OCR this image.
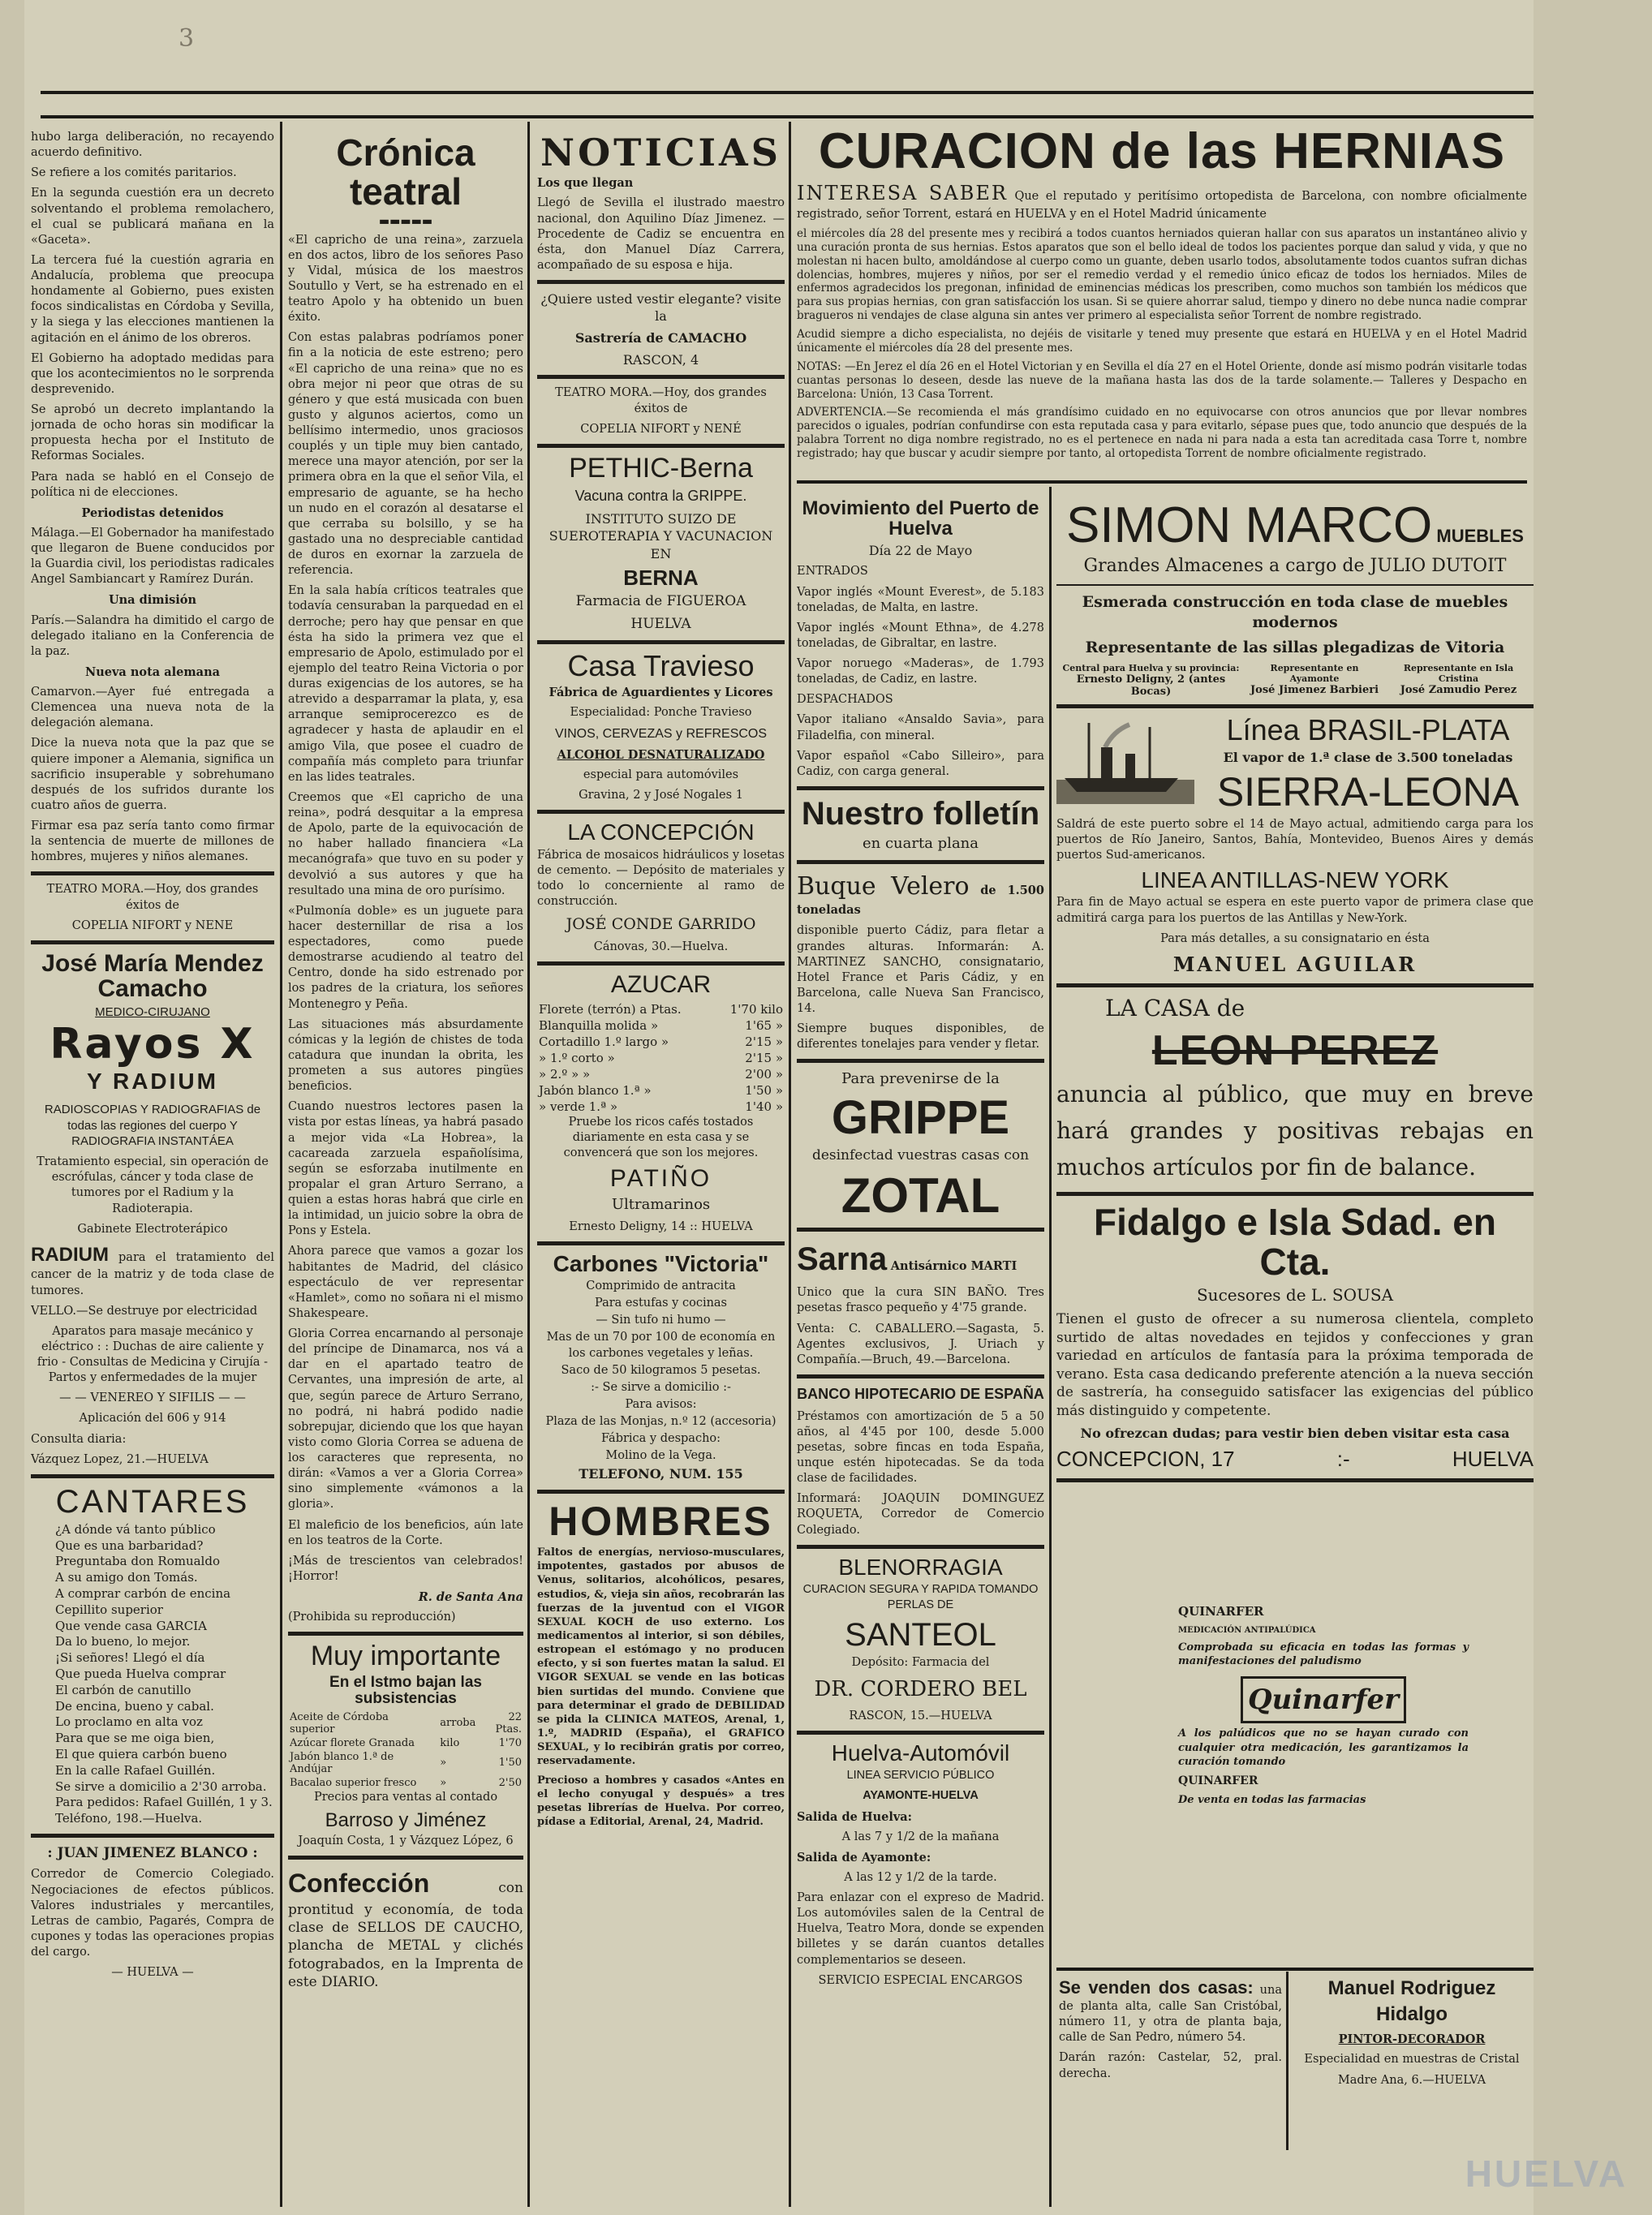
3

hubo larga deliberación, no recayendo acuerdo definitivo.

Se refiere a los comités paritarios.

En la segunda cuestión era un decreto solventando el problema remolachero, el cual se publicará mañana en la «Gaceta».

La tercera fué la cuestión agraria en Andalucía, problema que preocupa hondamente al Gobierno, pues existen focos sindicalistas en Córdoba y Sevilla, y la siega y las elecciones mantienen la agitación en el ánimo de los obreros.

El Gobierno ha adoptado medidas para que los acontecimientos no le sorprenda desprevenido.

Se aprobó un decreto implantando la jornada de ocho horas sin modificar la propuesta hecha por el Instituto de Reformas Sociales.

Para nada se habló en el Consejo de política ni de elecciones.

Periodistas detenidos

Málaga.—El Gobernador ha manifestado que llegaron de Buene conducidos por la Guardia civil, los periodistas radicales Angel Sambiancart y Ramírez Durán.

Una dimisión

París.—Salandra ha dimitido el cargo de delegado italiano en la Conferencia de la paz.

Nueva nota alemana

Camarvon.—Ayer fué entregada a Clemencea una nueva nota de la delegación alemana.

Dice la nueva nota que la paz que se quiere imponer a Alemania, significa un sacrificio insuperable y sobrehumano después de los sufridos durante los cuatro años de guerra.

Firmar esa paz sería tanto como firmar la sentencia de muerte de millones de hombres, mujeres y niños alemanes.

TEATRO MORA.—Hoy, dos grandes éxitos de

COPELIA NIFORT y NENE

José María Mendez Camacho
MEDICO-CIRUJANO
Rayos X
Y RADIUM

RADIOSCOPIAS Y RADIOGRAFIAS de todas las regiones del cuerpo Y RADIOGRAFIA INSTANTÁEA

Tratamiento especial, sin operación de escrófulas, cáncer y toda clase de tumores por el Radium y la Radioterapia.

Gabinete Electroterápico

RADIUM para el tratamiento del cancer de la matriz y de toda clase de tumores.

VELLO.—Se destruye por electricidad

Aparatos para masaje mecánico y eléctrico : : Duchas de aire caliente y frio - Consultas de Medicina y Cirujía - Partos y enfermedades de la mujer

— — VENEREO Y SIFILIS — —

Aplicación del 606 y 914

Consulta diaria:

Vázquez Lopez, 21.—HUELVA

CANTARES

¿A dónde vá tanto público

Que es una barbaridad?

Preguntaba don Romualdo

A su amigo don Tomás.

A comprar carbón de encina

Cepillito superior

Que vende casa GARCIA

Da lo bueno, lo mejor.

¡Si señores! Llegó el día

Que pueda Huelva comprar

El carbón de canutillo

De encina, bueno y cabal.

Lo proclamo en alta voz

Para que se me oiga bien,

El que quiera carbón bueno

En la calle Rafael Guillén.

Se sirve a domicilio a 2'30 arroba.

Para pedidos: Rafael Guillén, 1 y 3.

Teléfono, 198.—Huelva.

: JUAN JIMENEZ BLANCO :

Corredor de Comercio Colegiado. Negociaciones de efectos públicos. Valores industriales y mercantiles, Letras de cambio, Pagarés, Compra de cupones y todas las operaciones propias del cargo.

— HUELVA —

Crónica teatral
▬▬▬▬▬

«El capricho de una reina», zarzuela en dos actos, libro de los señores Paso y Vidal, música de los maestros Soutullo y Vert, se ha estrenado en el teatro Apolo y ha obtenido un buen éxito.

Con estas palabras podríamos poner fin a la noticia de este estreno; pero «El capricho de una reina» que no es obra mejor ni peor que otras de su género y que está musicada con buen gusto y algunos aciertos, como un bellísimo intermedio, unos graciosos couplés y un tiple muy bien cantado, merece una mayor atención, por ser la primera obra en la que el señor Vila, el empresario de aguante, se ha hecho un nudo en el corazón al desatarse el que cerraba su bolsillo, y se ha gastado una no despreciable cantidad de duros en exornar la zarzuela de referencia.

En la sala había críticos teatrales que todavía censuraban la parquedad en el derroche; pero hay que pensar en que ésta ha sido la primera vez que el empresario de Apolo, estimulado por el ejemplo del teatro Reina Victoria o por duras exigencias de los autores, se ha atrevido a desparramar la plata, y, esa arranque semiprocerezco es de agradecer y hasta de aplaudir en el amigo Vila, que posee el cuadro de compañía más completo para triunfar en las lides teatrales.

Creemos que «El capricho de una reina», podrá desquitar a la empresa de Apolo, parte de la equivocación de no haber hallado financiera «La mecanógrafa» que tuvo en su poder y devolvió a sus autores y que ha resultado una mina de oro purísimo.

«Pulmonía doble» es un juguete para hacer desternillar de risa a los espectadores, como puede demostrarse acudiendo al teatro del Centro, donde ha sido estrenado por los padres de la criatura, los señores Montenegro y Peña.

Las situaciones más absurdamente cómicas y la legión de chistes de toda catadura que inundan la obrita, les prometen a sus autores pingües beneficios.

Cuando nuestros lectores pasen la vista por estas líneas, ya habrá pasado a mejor vida «La Hobrea», la cacareada zarzuela españolísima, según se esforzaba inutilmente en propalar el gran Arturo Serrano, a quien a estas horas habrá que cirle en la intimidad, un juicio sobre la obra de Pons y Estela.

Ahora parece que vamos a gozar los habitantes de Madrid, del clásico espectáculo de ver representar «Hamlet», como no soñara ni el mismo Shakespeare.

Gloria Correa encarnando al personaje del príncipe de Dinamarca, nos vá a dar en el apartado teatro de Cervantes, una impresión de arte, al que, según parece de Arturo Serrano, no podrá, ni habrá podido nadie sobrepujar, diciendo que los que hayan visto como Gloria Correa se aduena de los caracteres que representa, no dirán: «Vamos a ver a Gloria Correa» sino simplemente «vámonos a la gloria».

El maleficio de los beneficios, aún late en los teatros de la Corte.

¡Más de trescientos van celebrados! ¡Horror!

R. de Santa Ana

(Prohibida su reproducción)

Muy importante
En el Istmo bajan las subsistencias
Aceite de Córdoba superior	arroba	22 Ptas.
Azúcar florete Granada	kilo	1'70
Jabón blanco 1.ª de Andújar	»	1'50
Bacalao superior fresco	»	2'50

Precios para ventas al contado

Barroso y Jiménez

Joaquín Costa, 1 y Vázquez López, 6

Confección	con prontitud y economía, de toda clase de SELLOS DE CAUCHO, plancha de METAL y clichés fotograbados, en la Imprenta de este DIARIO.

NOTICIAS

Los que llegan

Llegó de Sevilla el ilustrado maestro nacional, don Aquilino Díaz Jimenez. —Procedente de Cadiz se encuentra en ésta, don Manuel Díaz Carrera, acompañado de su esposa e hija.

¿Quiere usted vestir elegante? visite la

Sastrería de CAMACHO

RASCON, 4

TEATRO MORA.—Hoy, dos grandes éxitos de

COPELIA NIFORT y NENÉ

PETHIC-Berna

Vacuna contra la GRIPPE.

INSTITUTO SUIZO DE SUEROTERAPIA Y VACUNACION EN

BERNA

Farmacia de FIGUEROA

HUELVA

Casa Travieso

Fábrica de Aguardientes y Licores

Especialidad: Ponche Travieso

VINOS, CERVEZAS y REFRESCOS

ALCOHOL DESNATURALIZADO

especial para automóviles

Gravina, 2 y José Nogales 1

LA CONCEPCIÓN

Fábrica de mosaicos hidráulicos y losetas de cemento. — Depósito de materiales y todo lo concerniente al ramo de construcción.

JOSÉ CONDE GARRIDO

Cánovas, 30.—Huelva.

AZUCAR
Florete (terrón) a Ptas.	1'70 kilo
Blanquilla molida »	1'65 »
Cortadillo 1.º largo »	2'15 »
» 1.º corto »	2'15 »
» 2.º » »	2'00 »
Jabón blanco 1.ª »	1'50 »
» verde 1.ª »	1'40 »

Pruebe los ricos cafés tostados diariamente en esta casa y se convencerá que son los mejores.

PATIÑO

Ultramarinos

Ernesto Deligny, 14 :: HUELVA

Carbones "Victoria"

Comprimido de antracita

Para estufas y cocinas

— Sin tufo ni humo —

Mas de un 70 por 100 de economía en los carbones vegetales y leñas.

Saco de 50 kilogramos 5 pesetas.

:- Se sirve a domicilio :-

Para avisos:

Plaza de las Monjas, n.º 12 (accesoria)

Fábrica y despacho:

Molino de la Vega.

TELEFONO, NUM. 155

HOMBRES

Faltos de energías, nervioso-musculares, impotentes, gastados por abusos de Venus, solitarios, alcohólicos, pesares, estudios, &, vieja sin años, recobrarán las fuerzas de la juventud con el VIGOR SEXUAL KOCH de uso externo. Los medicamentos al interior, si son débiles, estropean el estómago y no producen efecto, y si son fuertes matan la salud. El VIGOR SEXUAL se vende en las boticas bien surtidas del mundo. Conviene que para determinar el grado de DEBILIDAD se pida la CLINICA MATEOS, Arenal, 1, 1.º, MADRID (España), el GRAFICO SEXUAL, y lo recibirán gratis por correo, reservadamente.

Precioso a hombres y casados «Antes en el lecho conyugal y después» a tres pesetas librerías de Huelva. Por correo, pídase a Editorial, Arenal, 24, Madrid.

Movimiento del Puerto de Huelva

Día 22 de Mayo

ENTRADOS

Vapor inglés «Mount Everest», de 5.183 toneladas, de Malta, en lastre.

Vapor inglés «Mount Ethna», de 4.278 toneladas, de Gibraltar, en lastre.

Vapor noruego «Maderas», de 1.793 toneladas, de Cadiz, en lastre.

DESPACHADOS

Vapor italiano «Ansaldo Savia», para Filadelfia, con mineral.

Vapor español «Cabo Silleiro», para Cadiz, con carga general.

Nuestro folletín

en cuarta plana

Buque Velero de 1.500 toneladas

disponible puerto Cádiz, para fletar a grandes alturas. Informarán: A. MARTINEZ SANCHO, consignatario, Hotel France et Paris Cádiz, y en Barcelona, calle Nueva San Francisco, 14.

Siempre buques disponibles, de diferentes tonelajes para vender y fletar.

Para prevenirse de la

GRIPPE

desinfectad vuestras casas con

ZOTAL

Sarna Antisárnico MARTI

Unico que la cura SIN BAÑO. Tres pesetas frasco pequeño y 4'75 grande.

Venta: C. CABALLERO.—Sagasta, 5. Agentes exclusivos, J. Uriach y Compañía.—Bruch, 49.—Barcelona.

BANCO HIPOTECARIO DE ESPAÑA

Préstamos con amortización de 5 a 50 años, al 4'45 por 100, desde 5.000 pesetas, sobre fincas en toda España, unque estén hipotecadas. Se da toda clase de facilidades.

Informará: JOAQUIN DOMINGUEZ ROQUETA, Corredor de Comercio Colegiado.

BLENORRAGIA

CURACION SEGURA Y RAPIDA TOMANDO PERLAS DE

SANTEOL

Depósito: Farmacia del

DR. CORDERO BEL

RASCON, 15.—HUELVA

Huelva-Automóvil

LINEA SERVICIO PÚBLICO

AYAMONTE-HUELVA

Salida de Huelva:

A las 7 y 1/2 de la mañana

Salida de Ayamonte:

A las 12 y 1/2 de la tarde.

Para enlazar con el expreso de Madrid. Los automóviles salen de la Central de Huelva, Teatro Mora, donde se expenden billetes y se darán cuantos detalles complementarios se deseen.

SERVICIO ESPECIAL ENCARGOS

CURACION de las HERNIAS

INTERESA SABER Que el reputado y peritísimo ortopedista de Barcelona, con nombre oficialmente registrado, señor Torrent, estará en HUELVA y en el Hotel Madrid únicamente

el miércoles día 28 del presente mes y recibirá a todos cuantos herniados quieran hallar con sus aparatos un instantáneo alivio y una curación pronta de sus hernias. Estos aparatos que son el bello ideal de todos los pacientes porque dan salud y vida, y que no molestan ni hacen bulto, amoldándose al cuerpo como un guante, deben usarlo todos, absolutamente todos cuantos sufran dichas dolencias, hombres, mujeres y niños, por ser el remedio verdad y el remedio único eficaz de todos los herniados. Miles de enfermos agradecidos los pregonan, infinidad de eminencias médicas los prescriben, como muchos son también los médicos que para sus propias hernias, con gran satisfacción los usan. Si se quiere ahorrar salud, tiempo y dinero no debe nunca nadie comprar bragueros ni vendajes de clase alguna sin antes ver primero al especialista señor Torrent de nombre registrado.

Acudid siempre a dicho especialista, no dejéis de visitarle y tened muy presente que estará en HUELVA y en el Hotel Madrid únicamente el miércoles día 28 del presente mes.

NOTAS: —En Jerez el día 26 en el Hotel Victorian y en Sevilla el día 27 en el Hotel Oriente, donde así mismo podrán visitarle todas cuantas personas lo deseen, desde las nueve de la mañana hasta las dos de la tarde solamente.— Talleres y Despacho en Barcelona: Unión, 13 Casa Torrent.

ADVERTENCIA.—Se recomienda el más grandísimo cuidado en no equivocarse con otros anuncios que por llevar nombres parecidos o iguales, podrían confundirse con esta reputada casa y para evitarlo, sépase pues que, todo anuncio que después de la palabra Torrent no diga nombre registrado, no es el pertenece en nada ni para nada a esta tan acreditada casa Torre t, nombre registrado; hay que buscar y acudir siempre por tanto, al ortopedista Torrent de nombre oficialmente registrado.

SIMON MARCO MUEBLES

Grandes Almacenes a cargo de JULIO DUTOIT

Esmerada construcción en toda clase de muebles modernos

Representante de las sillas plegadizas de Vitoria

Central para Huelva y su provincia:
Ernesto Deligny, 2 (antes Bocas)
Representante en Ayamonte
José Jimenez Barbieri
Representante en Isla Cristina
José Zamudio Perez
Línea BRASIL-PLATA

El vapor de 1.ª clase de 3.500 toneladas

SIERRA-LEONA

Saldrá de este puerto sobre el 14 de Mayo actual, admitiendo carga para los puertos de Río Janeiro, Santos, Bahía, Montevideo, Buenos Aires y demás puertos Sud-americanos.

LINEA ANTILLAS-NEW YORK

Para fin de Mayo actual se espera en este puerto vapor de primera clase que admitirá carga para los puertos de las Antillas y New-York.

Para más detalles, a su consignatario en ésta

MANUEL AGUILAR

LA CASA de

LEON PEREZ

anuncia al público, que muy en breve hará grandes y positivas rebajas en muchos artículos por fin de balance.

Fidalgo e Isla Sdad. en Cta.

Sucesores de L. SOUSA

Tienen el gusto de ofrecer a su numerosa clientela, completo surtido de altas novedades en tejidos y confecciones y gran variedad en artículos de fantasía para la próxima temporada de verano. Esta casa dedicando preferente atención a la nueva sección de sastrería, ha conseguido satisfacer las exigencias del público más distinguido y competente.

No ofrezcan dudas; para vestir bien deben visitar esta casa

CONCEPCION, 17	:-	HUELVA

QUINARFER

MEDICACIÓN ANTIPALÚDICA

Comprobada su eficacia en todas las formas y manifestaciones del paludismo

Quinarfer

A los palúdicos que no se hayan curado con cualquier otra medicación, les garantizamos la curación tomando

QUINARFER

De venta en todas las farmacias

Se venden dos casas: una de planta alta, calle San Cristóbal, número 11, y otra de planta baja, calle de San Pedro, número 54.

Darán razón: Castelar, 52, pral. derecha.

Manuel Rodriguez Hidalgo

PINTOR-DECORADOR

Especialidad en muestras de Cristal

Madre Ana, 6.—HUELVA

HUELVA
